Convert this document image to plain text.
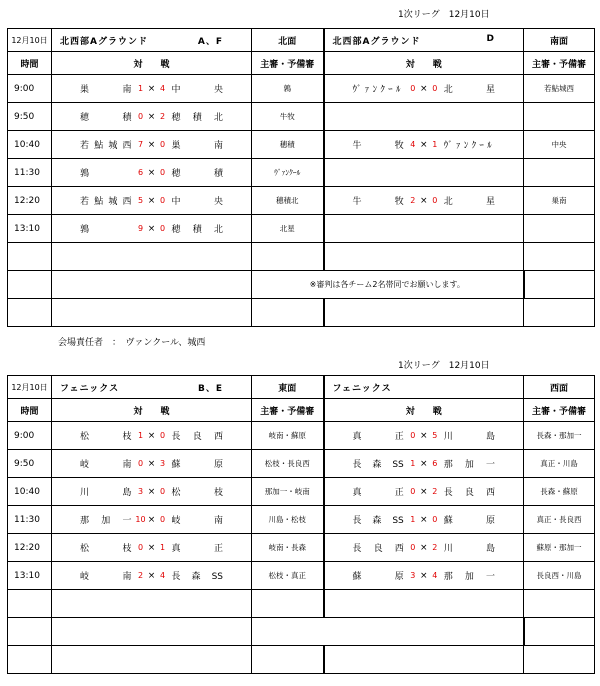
1次リーグ　12月10日
12月10日	北西部Aグラウンド A、F	北面	北西部Aグラウンド D	南面
時間	対　　戦	主審・予備審	対　　戦	主審・予備審
9:00	巣　南 1 × 4 中　央	鶉	ｳﾞｧﾝｸｰﾙ 0 × 0 北　星	若鮎城西
9:50	穂　積 0 × 2 穂積北	牛牧	

10:40	若鮎城西 7 × 0 巣　南	穂積	牛　牧 4 × 1 ｳﾞｧﾝｸｰﾙ	中央
11:30	鶉 6 × 0 穂　積	ｳﾞｧﾝｸｰﾙ	

12:20	若鮎城西 5 × 0 中　央	穂積北	牛　牧 2 × 0 北　星	巣南
13:10	鶉 9 × 0 穂積北	北星	

		※審判は各チーム2名帯同でお願いします。		

会場責任者　：　ヴァンクール、城西
1次リーグ　12月10日
12月10日	フェニックス B、E	東面	フェニックス	西面
時間	対　　戦	主審・予備審	対　　戦	主審・予備審
9:00	松　枝 1 × 0 長良西	岐南・蘇原	真　正 0 × 5 川　島	長森・那加一
9:50	岐　南 0 × 3 蘇　原	松枝・長良西	長森SS 1 × 6 那加一	真正・川島
10:40	川　島 3 × 0 松　枝	那加一・岐南	真　正 0 × 2 長良西	長森・蘇原
11:30	那加一 10 × 0 岐　南	川島・松枝	長森SS 1 × 0 蘇　原	真正・長良西
12:20	松　枝 0 × 1 真　正	岐南・長森	長良西 0 × 2 川　島	蘇原・那加一
13:10	岐　南 2 × 4 長森SS	松枝・真正	蘇　原 3 × 4 那加一	長良西・川島
